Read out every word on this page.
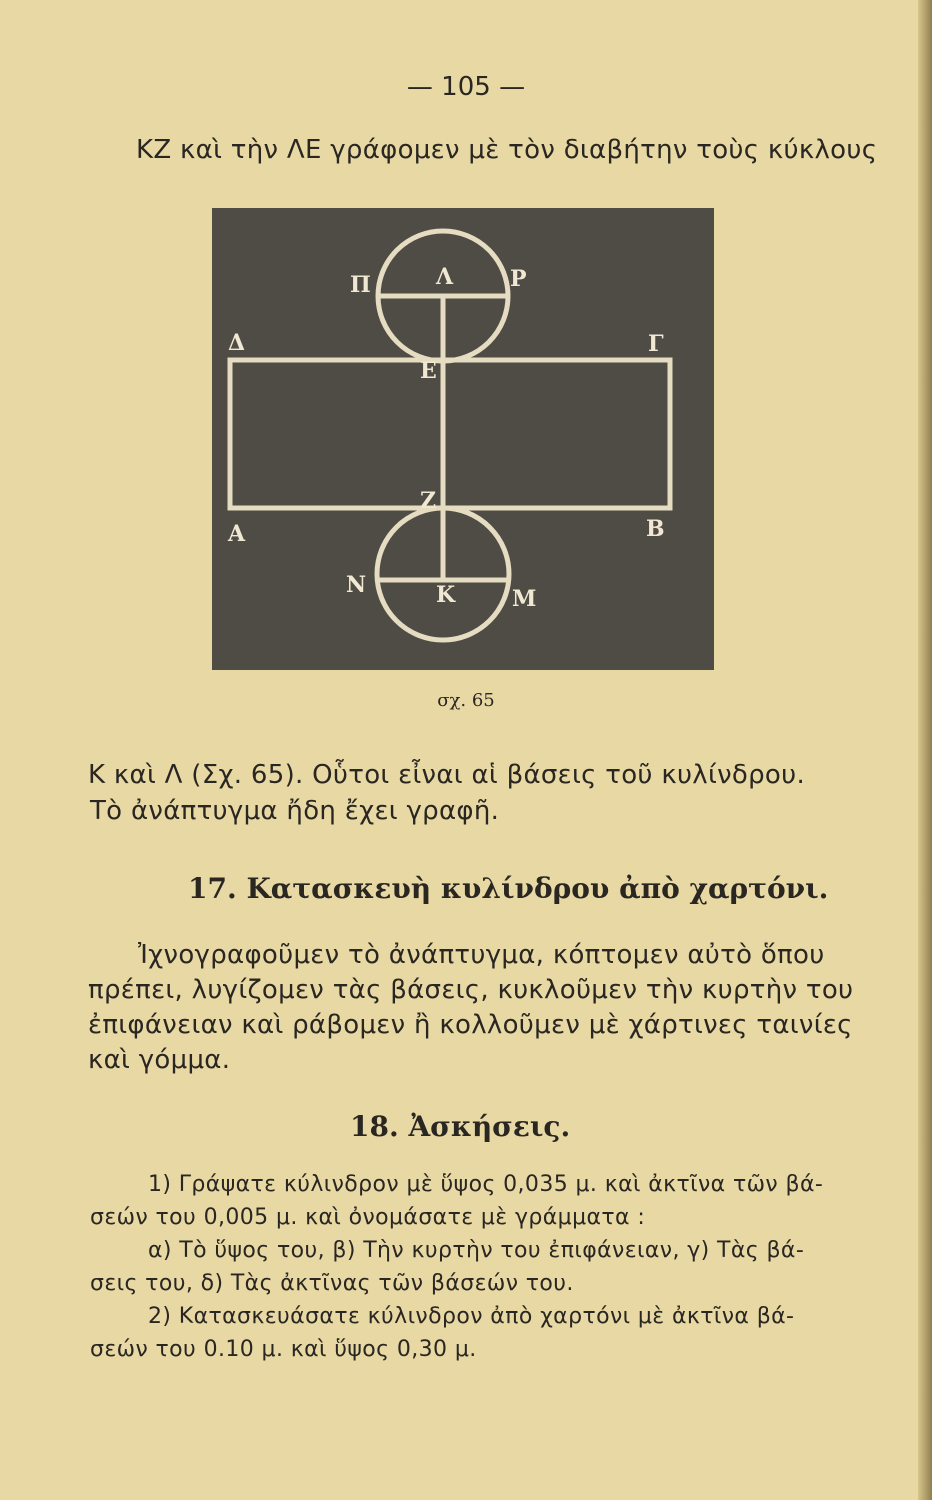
— 105 —
ΚΖ καὶ τὴν ΛΕ γράφομεν μὲ τὸν διαβήτην τοὺς κύκλους
Π	Λ	Ρ
Δ	Γ
Ε
Ζ
Α	Β
Ν	Κ	Μ
σχ. 65
Κ καὶ Λ (Σχ. 65). Οὗτοι εἶναι αἱ βάσεις τοῦ κυλίνδρου.
Τὸ ἀνάπτυγμα ἤδη ἔχει γραφῆ.
17. Κατασκευὴ κυλίνδρου ἀπὸ χαρτόνι.
Ἰχνογραφοῦμεν τὸ ἀνάπτυγμα, κόπτομεν αὐτὸ ὅπου
πρέπει, λυγίζομεν τὰς βάσεις, κυκλοῦμεν τὴν κυρτὴν του
ἐπιφάνειαν καὶ ράβομεν ἢ κολλοῦμεν μὲ χάρτινες ταινίες
καὶ γόμμα.
18. Ἀσκήσεις.
1) Γράψατε κύλινδρον μὲ ὕψος 0,035 μ. καὶ ἀκτῖνα τῶν βά-
σεών του 0,005 μ. καὶ ὀνομάσατε μὲ γράμματα :
α) Τὸ ὕψος του, β) Τὴν κυρτὴν του ἐπιφάνειαν, γ) Τὰς βά-
σεις του, δ) Τὰς ἀκτῖνας τῶν βάσεών του.
2) Κατασκευάσατε κύλινδρον ἀπὸ χαρτόνι μὲ ἀκτῖνα βά-
σεών του 0.10 μ. καὶ ὕψος 0,30 μ.
